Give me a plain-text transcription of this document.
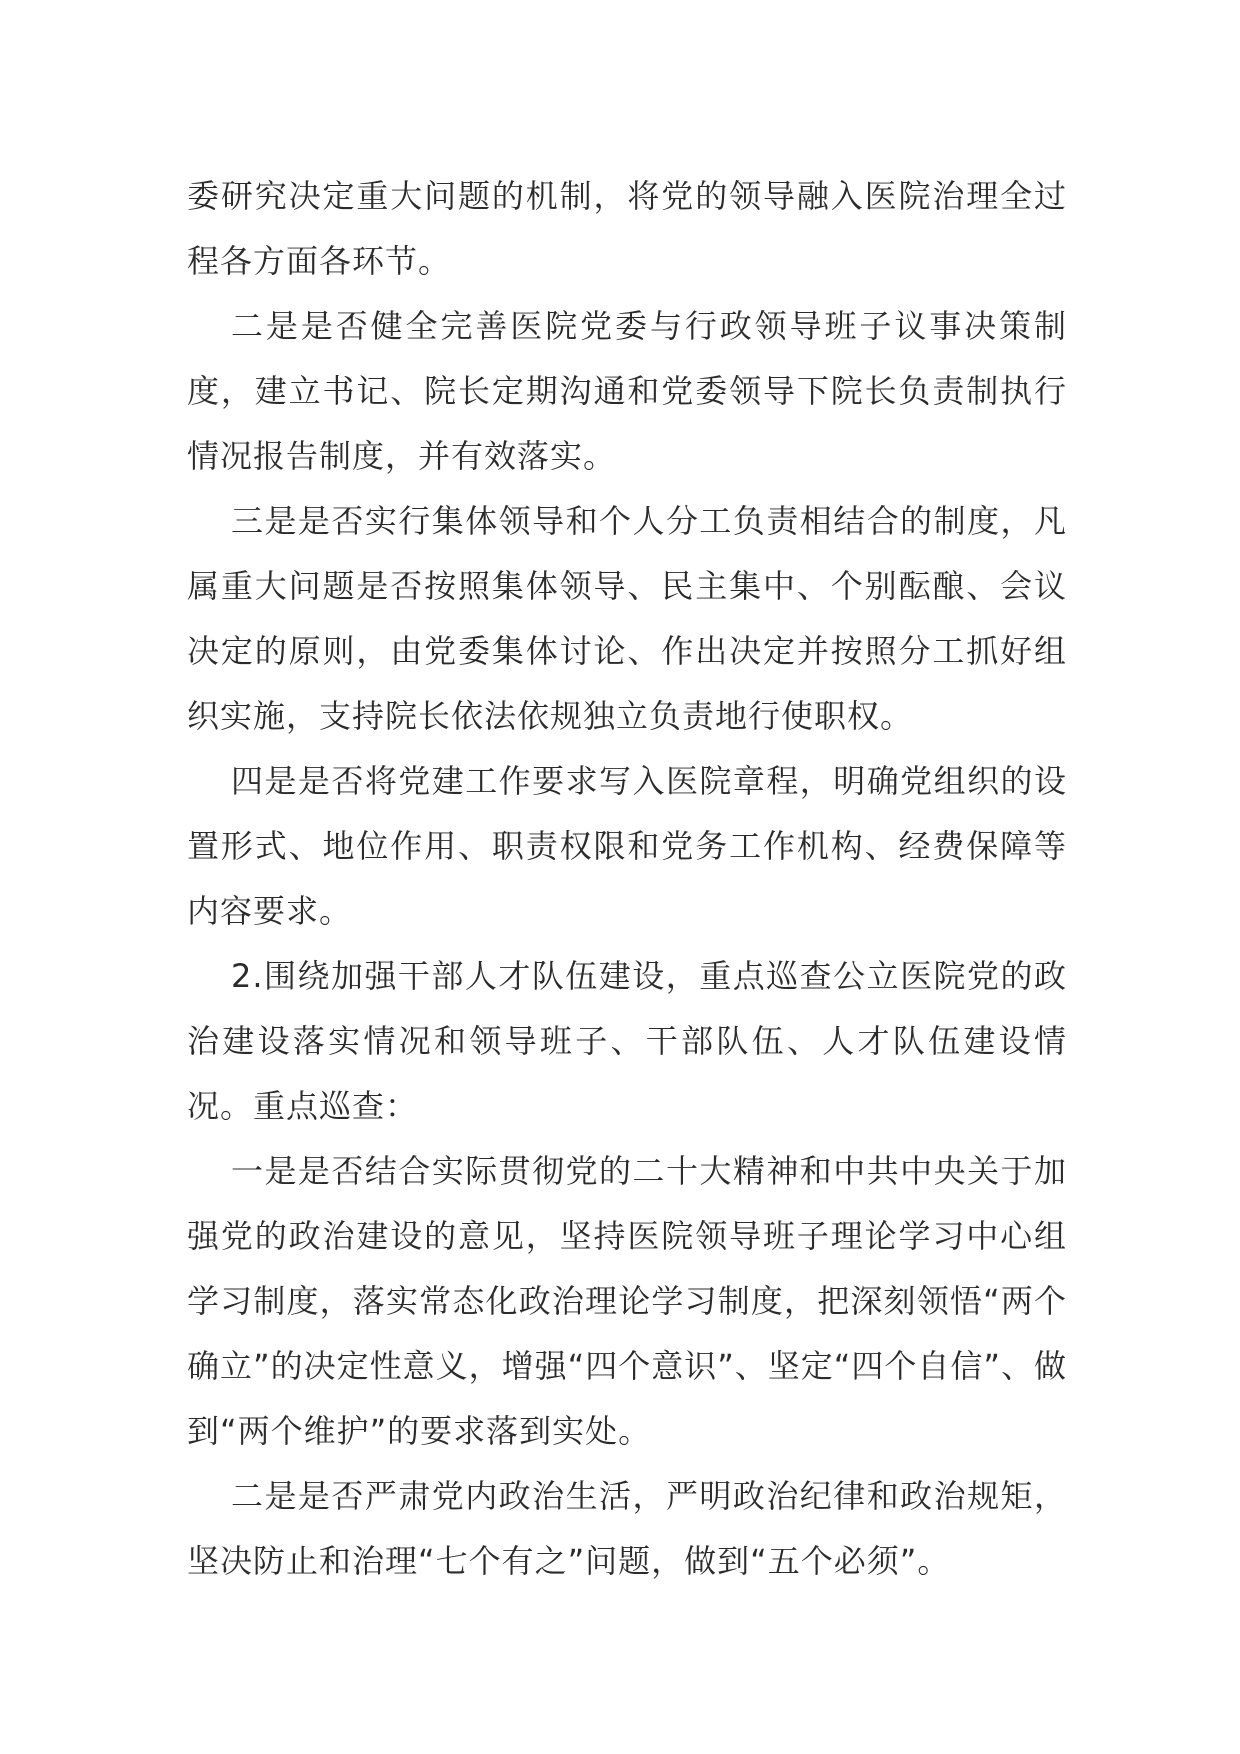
委研究决定重大问题的机制，将党的领导融入医院治理全过程各方面各环节。

二是是否健全完善医院党委与行政领导班子议事决策制度，建立书记、院长定期沟通和党委领导下院长负责制执行情况报告制度，并有效落实。

三是是否实行集体领导和个人分工负责相结合的制度，凡属重大问题是否按照集体领导、民主集中、个别酝酿、会议决定的原则，由党委集体讨论、作出决定并按照分工抓好组织实施，支持院长依法依规独立负责地行使职权。

四是是否将党建工作要求写入医院章程，明确党组织的设置形式、地位作用、职责权限和党务工作机构、经费保障等内容要求。

2.围绕加强干部人才队伍建设，重点巡查公立医院党的政治建设落实情况和领导班子、干部队伍、人才队伍建设情况。重点巡查：

一是是否结合实际贯彻党的二十大精神和中共中央关于加强党的政治建设的意见，坚持医院领导班子理论学习中心组学习制度，落实常态化政治理论学习制度，把深刻领悟“两个确立”的决定性意义，增强“四个意识”、坚定“四个自信”、做到“两个维护”的要求落到实处。

二是是否严肃党内政治生活，严明政治纪律和政治规矩，坚决防止和治理“七个有之”问题，做到“五个必须”。
